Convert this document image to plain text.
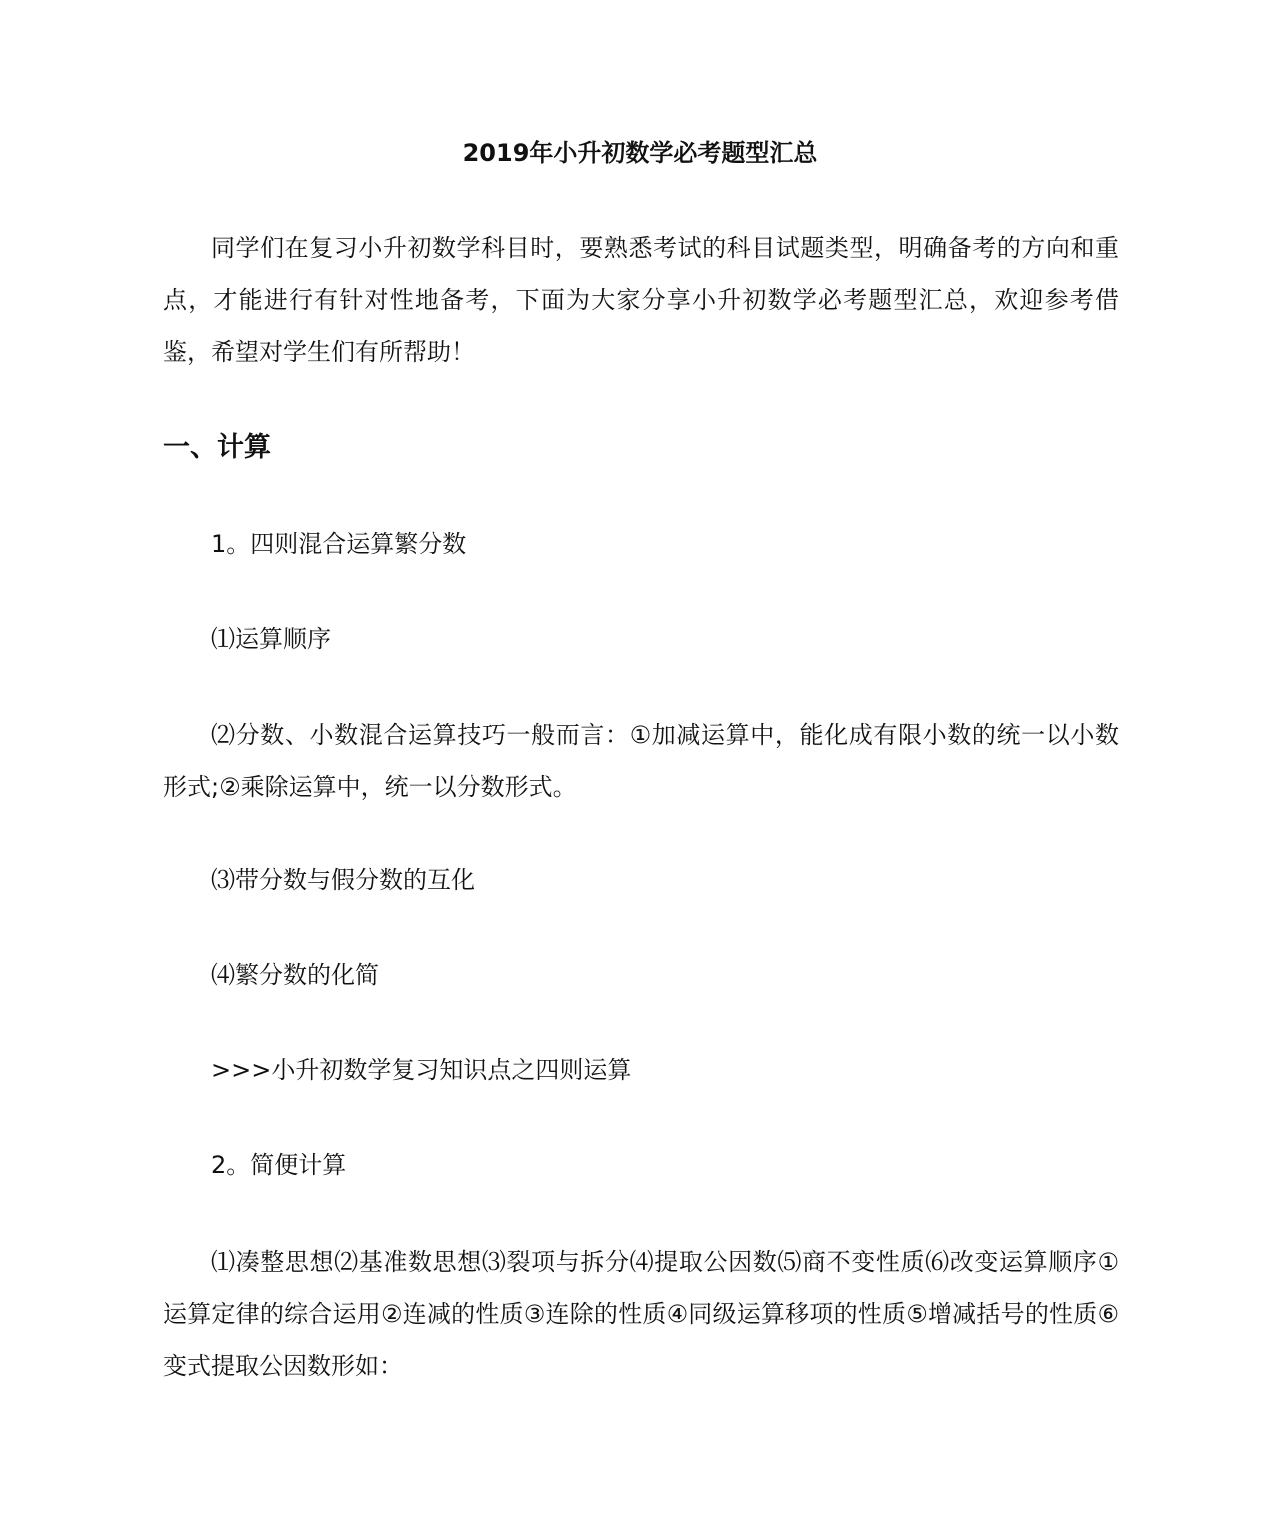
2019年小升初数学必考题型汇总

同学们在复习小升初数学科目时，要熟悉考试的科目试题类型，明确备考的方向和重点，才能进行有针对性地备考，下面为大家分享小升初数学必考题型汇总，欢迎参考借鉴，希望对学生们有所帮助！

一、计算

1。四则混合运算繁分数

⑴运算顺序

⑵分数、小数混合运算技巧一般而言：①加减运算中，能化成有限小数的统一以小数形式;②乘除运算中，统一以分数形式。

⑶带分数与假分数的互化

⑷繁分数的化简

>>>小升初数学复习知识点之四则运算

2。简便计算

⑴凑整思想⑵基准数思想⑶裂项与拆分⑷提取公因数⑸商不变性质⑹改变运算顺序①运算定律的综合运用②连减的性质③连除的性质④同级运算移项的性质⑤增减括号的性质⑥变式提取公因数形如：
